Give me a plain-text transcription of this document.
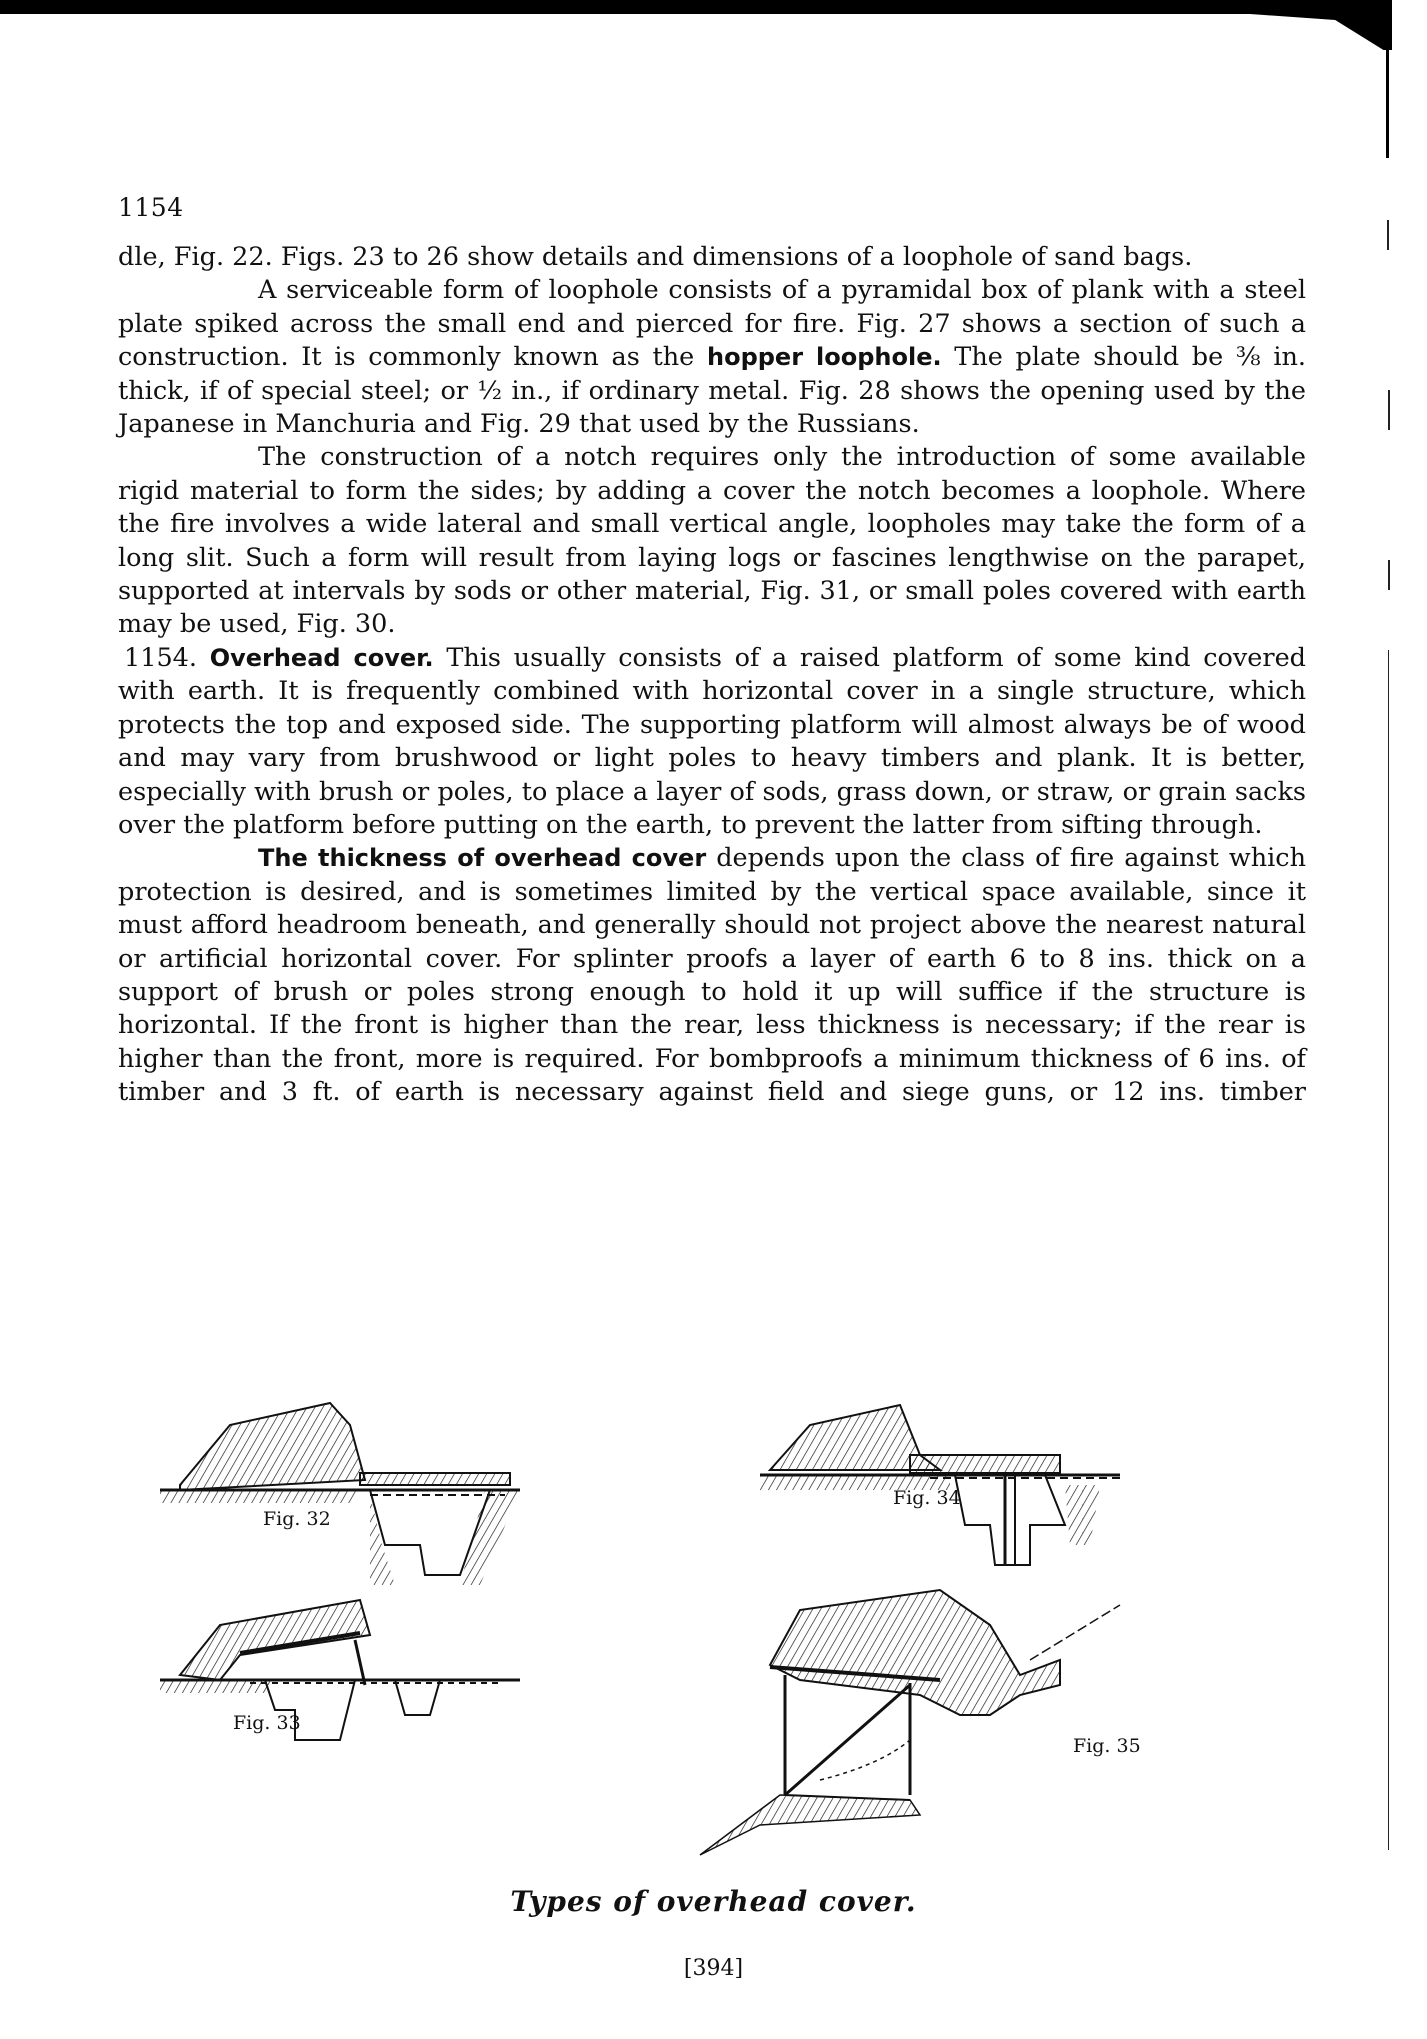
1154

dle, Fig. 22. Figs. 23 to 26 show details and dimensions of a loophole of sand bags.

A serviceable form of loophole consists of a pyramidal box of plank with a steel plate spiked across the small end and pierced for fire. Fig. 27 shows a section of such a construction. It is commonly known as the hopper loophole. The plate should be ⅜ in. thick, if of special steel; or ½ in., if ordinary metal. Fig. 28 shows the opening used by the Japanese in Manchuria and Fig. 29 that used by the Russians.

The construction of a notch requires only the introduction of some available rigid material to form the sides; by adding a cover the notch becomes a loophole. Where the fire involves a wide lateral and small vertical angle, loopholes may take the form of a long slit. Such a form will result from laying logs or fascines lengthwise on the parapet, supported at intervals by sods or other material, Fig. 31, or small poles covered with earth may be used, Fig. 30.

1154. Overhead cover. This usually consists of a raised platform of some kind covered with earth. It is frequently combined with horizontal cover in a single structure, which protects the top and exposed side. The supporting platform will almost always be of wood and may vary from brushwood or light poles to heavy timbers and plank. It is better, especially with brush or poles, to place a layer of sods, grass down, or straw, or grain sacks over the platform before putting on the earth, to prevent the latter from sifting through.

The thickness of overhead cover depends upon the class of fire against which protection is desired, and is sometimes limited by the vertical space available, since it must afford headroom beneath, and generally should not project above the nearest natural or artificial horizontal cover. For splinter proofs a layer of earth 6 to 8 ins. thick on a support of brush or poles strong enough to hold it up will suffice if the structure is horizontal. If the front is higher than the rear, less thickness is necessary; if the rear is higher than the front, more is required. For bombproofs a minimum thickness of 6 ins. of timber and 3 ft. of earth is necessary against field and siege guns, or 12 ins. timber

Fig. 32
Fig. 33
Fig. 34
Fig. 35
Types of overhead cover.
[394]
